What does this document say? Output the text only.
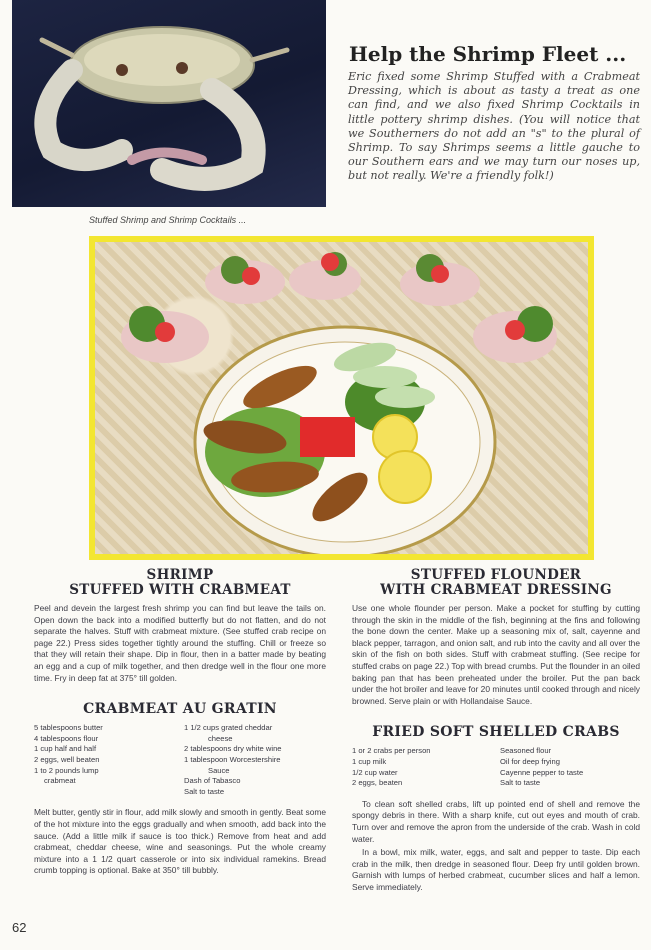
Help the Shrimp Fleet ...

Eric fixed some Shrimp Stuffed with a Crabmeat Dressing, which is about as tasty a treat as one can find, and we also fixed Shrimp Cocktails in little pottery shrimp dishes. (You will notice that we Southerners do not add an "s" to the plural of Shrimp. To say Shrimps seems a little gauche to our Southern ears and we may turn our noses up, but not really. We're a friendly folk!)

Stuffed Shrimp and Shrimp Cocktails ...
SHRIMP
STUFFED WITH CRABMEAT

Peel and devein the largest fresh shrimp you can find but leave the tails on. Open down the back into a modified butterfly but do not flatten, and do not separate the halves. Stuff with crabmeat mixture. (See stuffed crab recipe on page 22.) Press sides together tightly around the stuffing. Chill or freeze so that they will retain their shape. Dip in flour, then in a batter made by beating an egg and a cup of milk together, and then dredge well in the flour one more time. Fry in deep fat at 375° till golden.

CRABMEAT AU GRATIN
5 tablespoons butter
4 tablespoons flour
1 cup half and half
2 eggs, well beaten
1 to 2 pounds lump
crabmeat
1 1/2 cups grated cheddar
cheese
2 tablespoons dry white wine
1 tablespoon Worcestershire
Sauce
Dash of Tabasco
Salt to taste

Melt butter, gently stir in flour, add milk slowly and smooth in gently. Beat some of the hot mixture into the eggs gradually and when smooth, add back into the sauce. (Add a little milk if sauce is too thick.) Remove from heat and add crabmeat, cheddar cheese, wine and seasonings. Put the whole creamy mixture into a 1 1/2 quart casserole or into six individual ramekins. Bread crumb topping is optional. Bake at 350° till bubbly.

STUFFED FLOUNDER
WITH CRABMEAT DRESSING

Use one whole flounder per person. Make a pocket for stuffing by cutting through the skin in the middle of the fish, beginning at the fins and following the bone down the center. Make up a seasoning mix of, salt, cayenne and black pepper, tarragon, and onion salt, and rub into the cavity and all over the skin of the fish on both sides. Stuff with crabmeat stuffing. (See recipe for stuffed crabs on page 22.) Top with bread crumbs. Put the flounder in an oiled baking pan that has been preheated under the broiler. Put the pan back under the hot broiler and leave for 20 minutes until cooked through and nicely browned. Serve plain or with Hollandaise Sauce.

FRIED SOFT SHELLED CRABS
1 or 2 crabs per person
1 cup milk
1/2 cup water
2 eggs, beaten
Seasoned flour
Oil for deep frying
Cayenne pepper to taste
Salt to taste

To clean soft shelled crabs, lift up pointed end of shell and remove the spongy debris in there. With a sharp knife, cut out eyes and mouth of crab. Turn over and remove the apron from the underside of the crab. Wash in cold water.

In a bowl, mix milk, water, eggs, and salt and pepper to taste. Dip each crab in the milk, then dredge in seasoned flour. Deep fry until golden brown. Garnish with lumps of herbed crabmeat, cucumber slices and half a lemon. Serve immediately.

62
